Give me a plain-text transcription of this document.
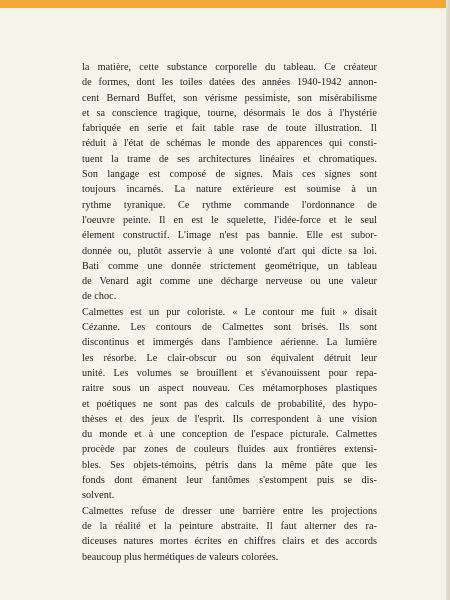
la matière, cette substance corporelle du tableau. Ce créateur
de formes, dont les toiles datées des années 1940-1942 annon-
cent Bernard Buffet, son vérisme pessimiste, son misérabilisme
et sa conscience tragique, tourne, désormais le dos à l'hystérie
fabriquée en serie et fait table rase de toute illustration. Il
réduit à l'état de schémas le monde des apparences qui consti-
tuent la trame de ses architectures linéaires et chromatiques.
Son langage est composé de signes. Mais ces signes sont
toujours incarnés. La nature extérieure est soumise à un
rythme tyranique. Ce rythme commande l'ordonnance de
l'oeuvre peinte. Il en est le squelette, l'idée-force et le seul
élement constructif. L'image n'est pas bannie. Elle est subor-
donnée ou, plutôt asservie à une volonté d'art qui dicte sa loi.
Bati comme une donnée strictement geométrique, un tableau
de Venard agit comme une décharge nerveuse ou une valeur
de choc.

Calmettes est un pur coloriste. « Le contour me fuit » disait
Cézanne. Les contours de Calmettes sont brisés. Ils sont
discontinus et immergés dans l'ambience aérienne. La lumière
les résorbe. Le clair-obscur ou son équivalent détruit leur
unité. Les volumes se brouillent et s'évanouissent pour repa-
raitre sous un aspect nouveau. Ces métamorphoses plastiques
et poétiques ne sont pas des calculs de probabilité, des hypo-
thèses et des jeux de l'esprit. Ils correspondent à une vision
du monde et à une conception de l'espace picturale. Calmettes
procède par zones de couleurs fluides aux frontières extensi-
bles. Ses objets-témoins, pétris dans la même pâte que les
fonds dont émanent leur fantômes s'estompent puis se dis-
solvent.

Calmettes refuse de dresser une barrière entre les projections
de la réalité et la peinture abstraite. Il faut alterner des ra-
diceuses natures mortes écrites en chiffres clairs et des accords
beaucoup plus hermétiques de valeurs colorées.
